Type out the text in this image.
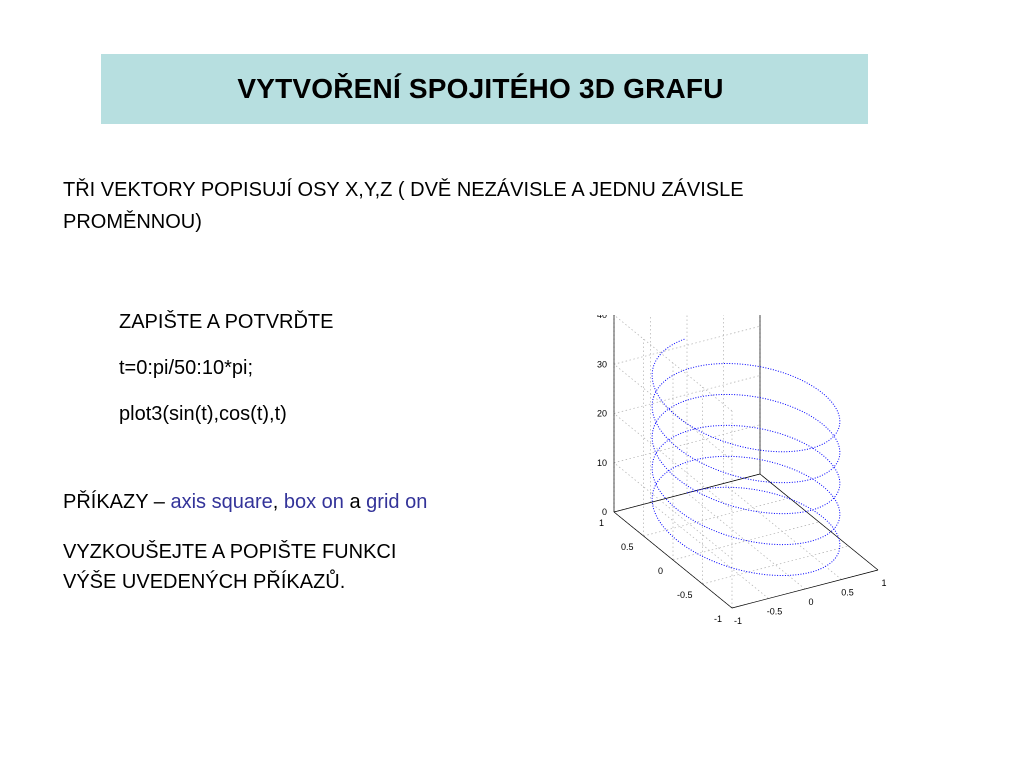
VYTVOŘENÍ SPOJITÉHO 3D GRAFU
TŘI VEKTORY POPISUJÍ OSY X,Y,Z ( DVĚ NEZÁVISLE A JEDNU ZÁVISLE
PROMĚNNOU)
ZAPIŠTE A POTVRĎTE
t=0:pi/50:10*pi;
plot3(sin(t),cos(t),t)
PŘÍKAZY – axis square, box on a grid on
VYZKOUŠEJTE A POPIŠTE FUNKCI
VÝŠE UVEDENÝCH PŘÍKAZŮ.
-1
-0.5
0
0.5
1
-1
-0.5
0
0.5
1
0
10
20
30
40
